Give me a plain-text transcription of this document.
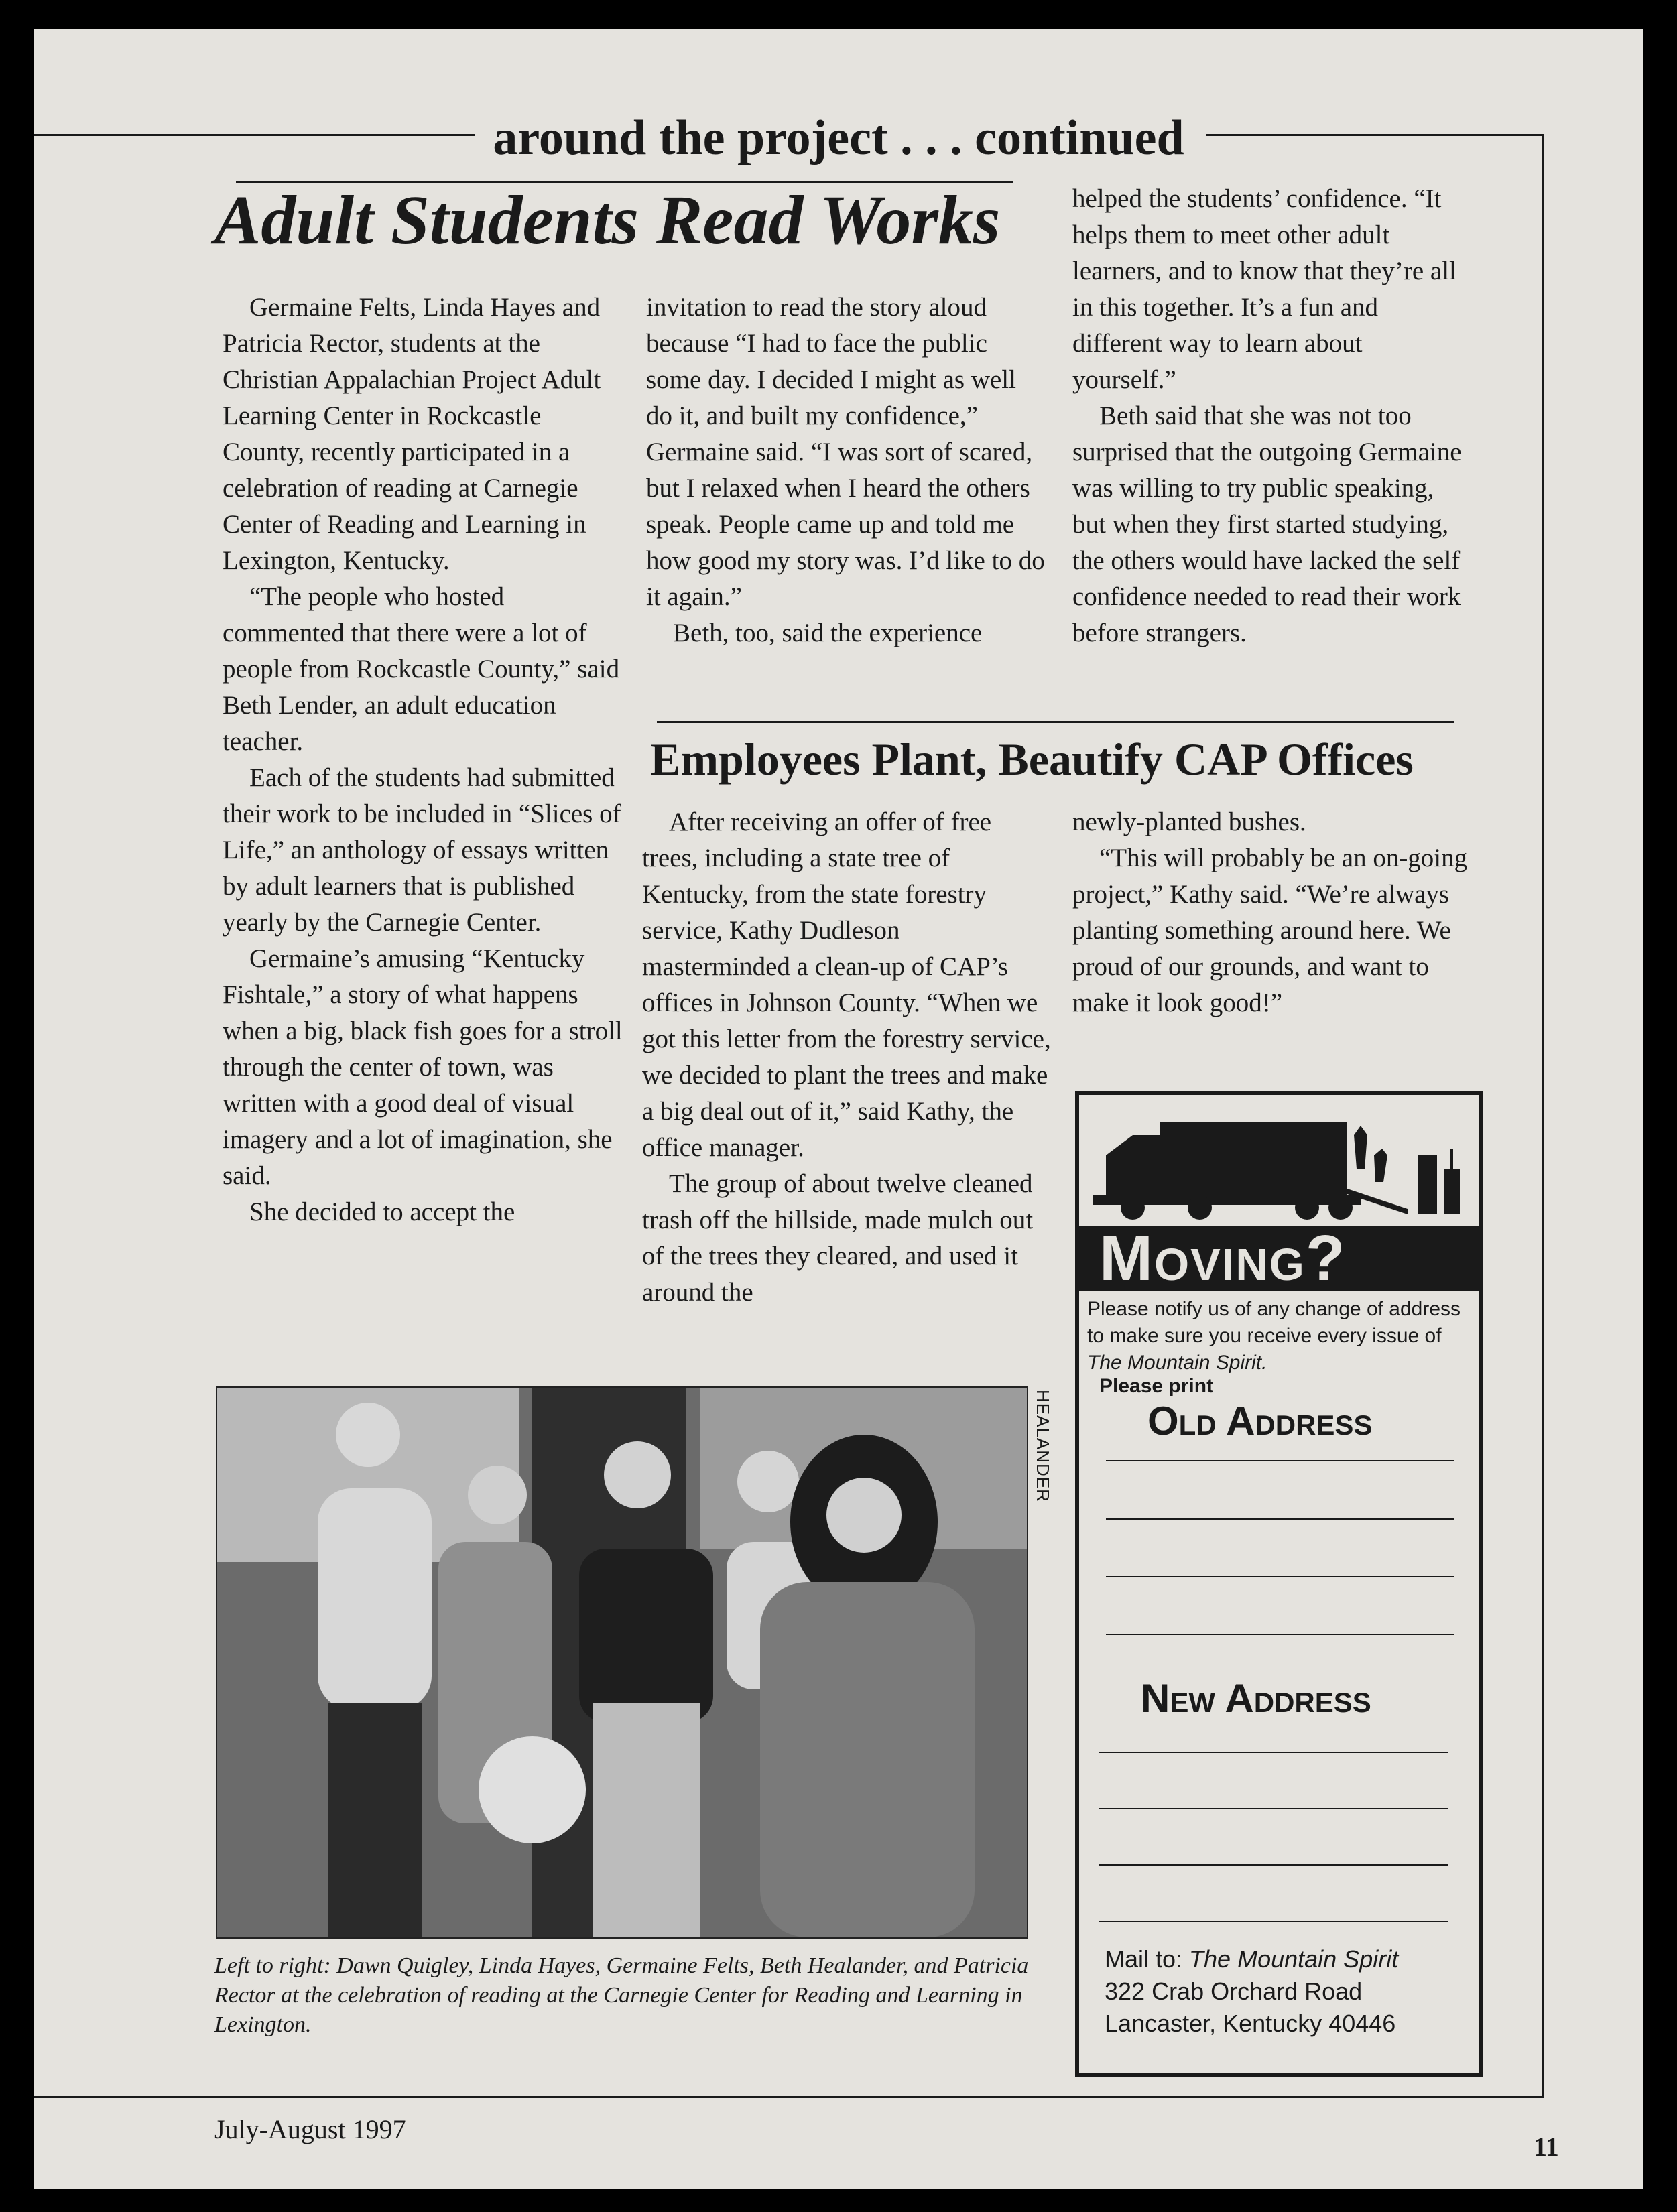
around the project . . . continued
Adult Students Read Works

Germaine Felts, Linda Hayes and Patricia Rector, students at the Christian Appalachian Project Adult Learning Center in Rockcastle County, recently participated in a celebration of reading at Carnegie Center of Reading and Learning in Lexington, Kentucky.

“The people who hosted commented that there were a lot of people from Rockcastle County,” said Beth Lender, an adult education teacher.

Each of the students had submitted their work to be included in “Slices of Life,” an anthology of essays written by adult learners that is published yearly by the Carnegie Center.

Germaine’s amusing “Kentucky Fishtale,” a story of what happens when a big, black fish goes for a stroll through the center of town, was written with a good deal of visual imagery and a lot of imagination, she said.

She decided to accept the

invitation to read the story aloud because “I had to face the public some day. I decided I might as well do it, and built my confidence,” Germaine said. “I was sort of scared, but I relaxed when I heard the others speak. People came up and told me how good my story was. I’d like to do it again.”

Beth, too, said the experience

helped the students’ confidence. “It helps them to meet other adult learners, and to know that they’re all in this together. It’s a fun and different way to learn about yourself.”

Beth said that she was not too surprised that the outgoing Germaine was willing to try public speaking, but when they first started studying, the others would have lacked the self confidence needed to read their work before strangers.

Employees Plant, Beautify CAP Offices

After receiving an offer of free trees, including a state tree of Kentucky, from the state forestry service, Kathy Dudleson masterminded a clean-up of CAP’s offices in Johnson County. “When we got this letter from the forestry service, we decided to plant the trees and make a big deal out of it,” said Kathy, the office manager.

The group of about twelve cleaned trash off the hillside, made mulch out of the trees they cleared, and used it around the

newly-planted bushes.

“This will probably be an on-going project,” Kathy said. “We’re always planting something around here. We proud of our grounds, and want to make it look good!”

HEALANDER
Left to right: Dawn Quigley, Linda Hayes, Germaine Felts, Beth Healander, and Patricia Rector at the celebration of reading at the Carnegie Center for Reading and Learning in Lexington.
Moving?
Please notify us of any change of address to make sure you receive every issue of The Mountain Spirit.
Please print
Old Address
New Address
Mail to: The Mountain Spirit
322 Crab Orchard Road
Lancaster, Kentucky 40446
July-August 1997
11
